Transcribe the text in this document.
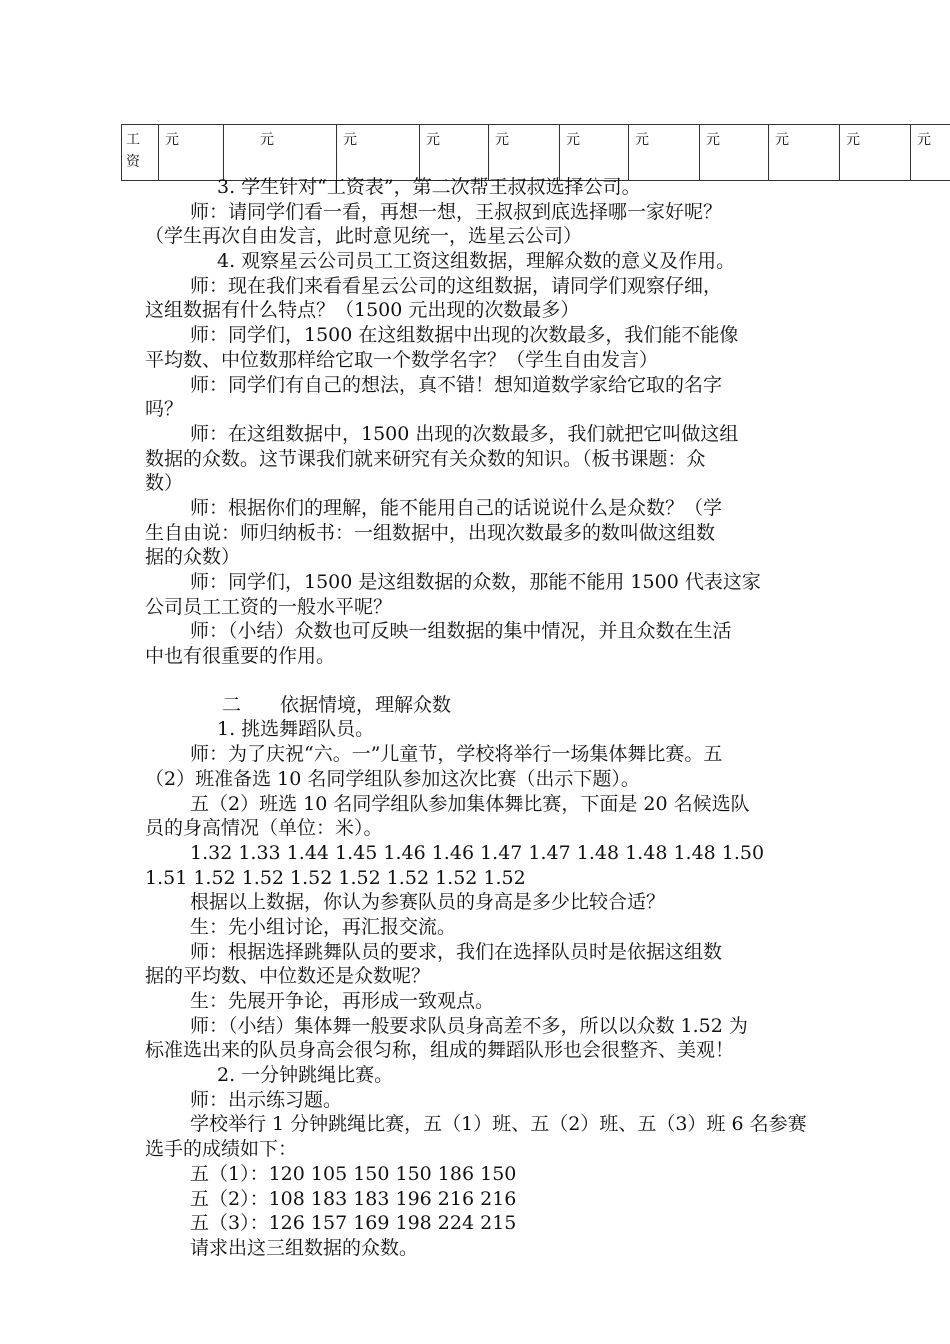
工
资
	元	元	元	元	元	元	元	元	元	元	元
3. 学生针对“工资表”，第二次帮王叔叔选择公司。
师：请同学们看一看，再想一想，王叔叔到底选择哪一家好呢？
（学生再次自由发言，此时意见统一，选星云公司）
4. 观察星云公司员工工资这组数据，理解众数的意义及作用。
师：现在我们来看看星云公司的这组数据，请同学们观察仔细，
这组数据有什么特点？（1500 元出现的次数最多）
师：同学们，1500 在这组数据中出现的次数最多，我们能不能像
平均数、中位数那样给它取一个数学名字？（学生自由发言）
师：同学们有自己的想法，真不错！想知道数学家给它取的名字
吗？
师：在这组数据中，1500 出现的次数最多，我们就把它叫做这组
数据的众数。这节课我们就来研究有关众数的知识。（板书课题：众
数）
师：根据你们的理解，能不能用自己的话说说什么是众数？（学
生自由说：师归纳板书：一组数据中，出现次数最多的数叫做这组数
据的众数）
师：同学们，1500 是这组数据的众数，那能不能用 1500 代表这家
公司员工工资的一般水平呢？
师：（小结）众数也可反映一组数据的集中情况，并且众数在生活
中也有很重要的作用。
二 依据情境，理解众数
1. 挑选舞蹈队员。
师：为了庆祝“六。一”儿童节，学校将举行一场集体舞比赛。五
（2）班准备选 10 名同学组队参加这次比赛（出示下题）。
五（2）班选 10 名同学组队参加集体舞比赛，下面是 20 名候选队
员的身高情况（单位：米）。
1.32 1.33 1.44 1.45 1.46 1.46 1.47 1.47 1.48 1.48 1.48 1.50
1.51 1.52 1.52 1.52 1.52 1.52 1.52 1.52
根据以上数据，你认为参赛队员的身高是多少比较合适？
生：先小组讨论，再汇报交流。
师：根据选择跳舞队员的要求，我们在选择队员时是依据这组数
据的平均数、中位数还是众数呢？
生：先展开争论，再形成一致观点。
师：（小结）集体舞一般要求队员身高差不多，所以以众数 1.52 为
标准选出来的队员身高会很匀称，组成的舞蹈队形也会很整齐、美观！
2. 一分钟跳绳比赛。
师：出示练习题。
学校举行 1 分钟跳绳比赛，五（1）班、五（2）班、五（3）班 6 名参赛
选手的成绩如下：
五（1）：120 105 150 150 186 150
五（2）：108 183 183 196 216 216
五（3）：126 157 169 198 224 215
请求出这三组数据的众数。
